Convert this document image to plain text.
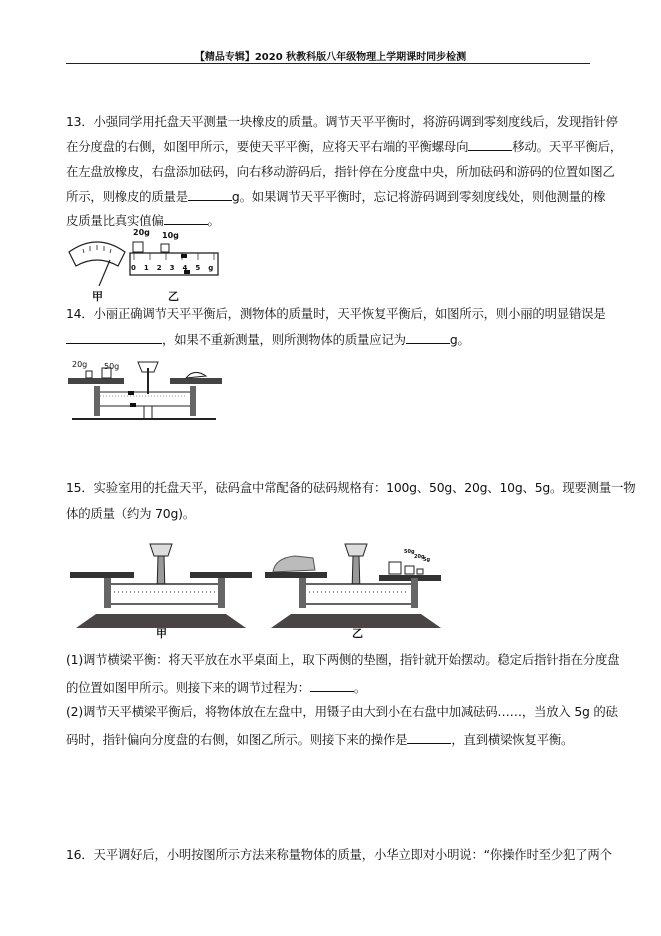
【精品专辑】2020 秋教科版八年级物理上学期课时同步检测
13．小强同学用托盘天平测量一块橡皮的质量。调节天平平衡时，将游码调到零刻度线后，发现指针停
在分度盘的右侧，如图甲所示，要使天平平衡，应将天平右端的平衡螺母向	移动。天平平衡后，
在左盘放橡皮，右盘添加砝码，向右移动游码后，指针停在分度盘中央，所加砝码和游码的位置如图乙
所示，则橡皮的质量是	g。如果调节天平平衡时，忘记将游码调到零刻度线处，则他测量的橡
皮质量比真实值偏	。
14．小丽正确调节天平平衡后，测物体的质量时，天平恢复平衡后，如图所示，则小丽的明显错误是
，如果不重新测量，则所测物体的质量应记为	g。
15．实验室用的托盘天平，砝码盒中常配备的砝码规格有：100g、50g、20g、10g、5g。现要测量一物
体的质量（约为 70g)。
(1)调节横梁平衡：将天平放在水平桌面上，取下两侧的垫圈，指针就开始摆动。稳定后指针指在分度盘
的位置如图甲所示。则接下来的调节过程为：	。
(2)调节天平横梁平衡后，将物体放在左盘中，用镊子由大到小在右盘中加减砝码……，当放入 5g 的砝
码时，指针偏向分度盘的右侧，如图乙所示。则接下来的操作是	，直到横梁恢复平衡。
16．天平调好后，小明按图所示方法来称量物体的质量，小华立即对小明说：“你操作时至少犯了两个
20g 10g
012345g
甲	乙
20g 50g
50g
20g
5g
甲	乙
